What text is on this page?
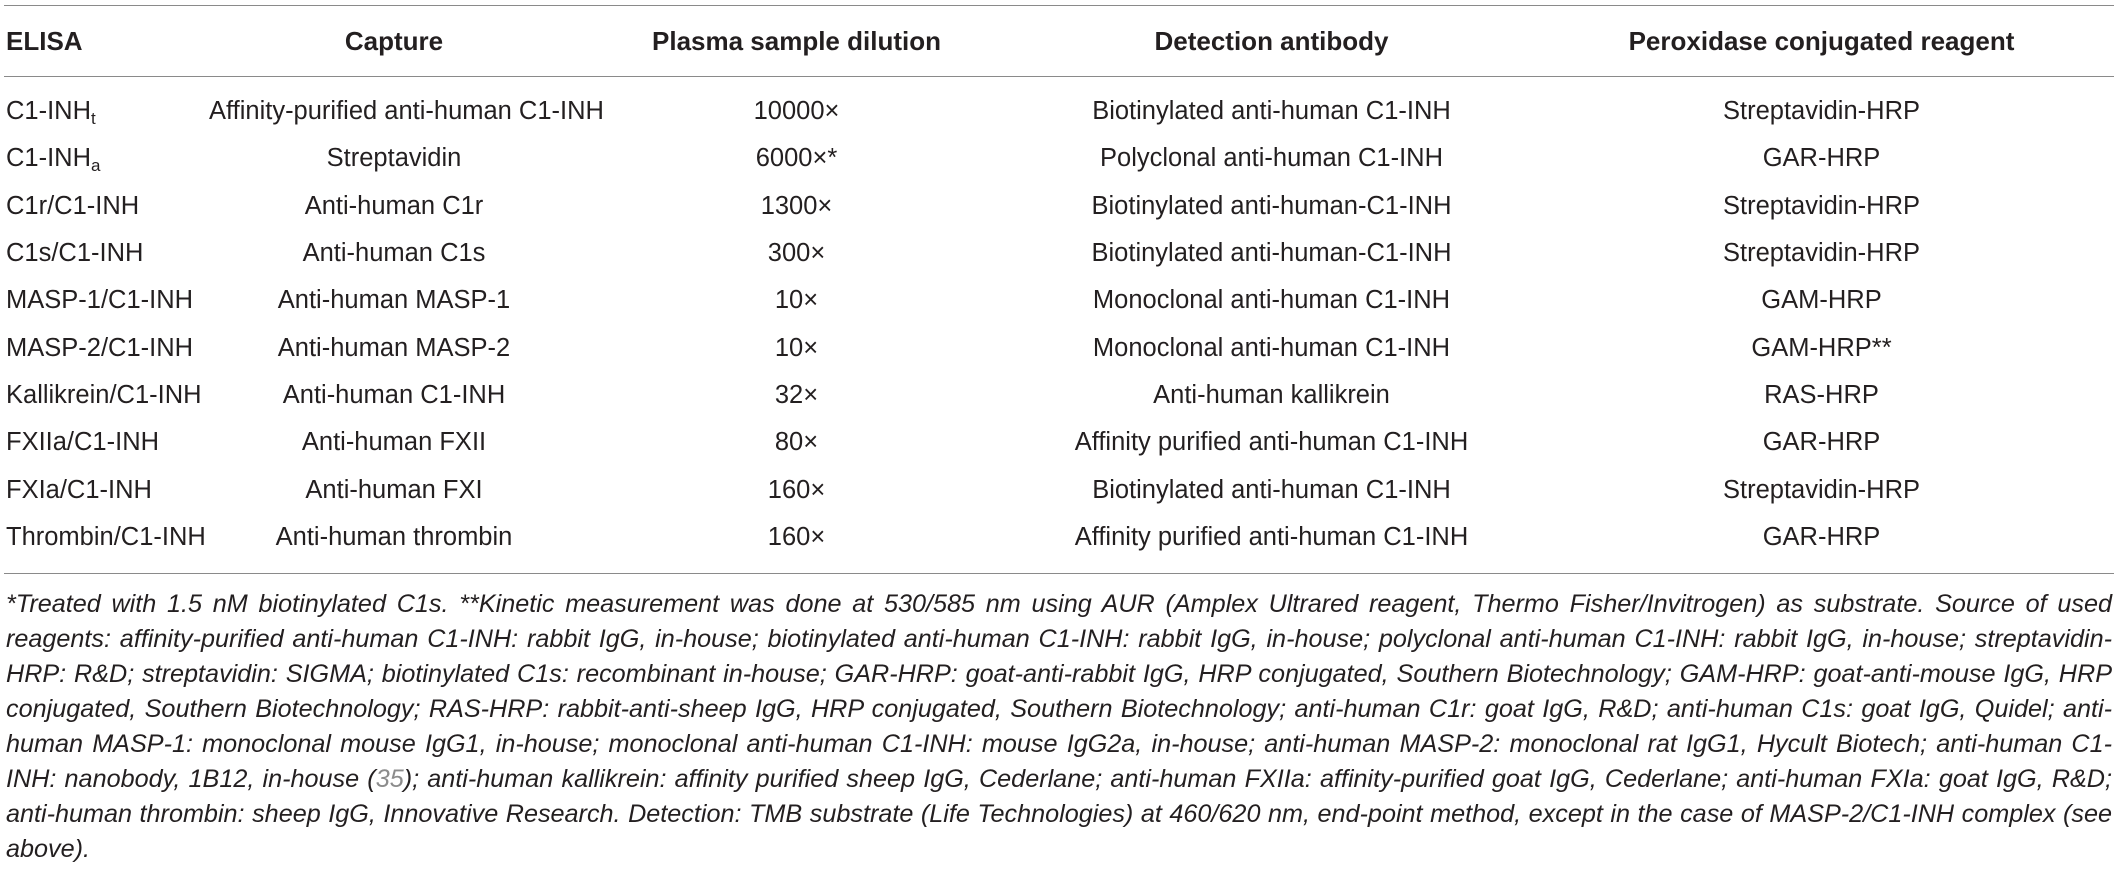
ELISA	Capture	Plasma sample dilution	Detection antibody	Peroxidase conjugated reagent
$C1-INH_t$	Affinity-purified anti-human C1-INH	10000×	Biotinylated anti-human C1-INH	Streptavidin-HRP
$C1-INH_a$	Streptavidin	6000×*	Polyclonal anti-human C1-INH	GAR-HRP
C1r/C1-INH	Anti-human C1r	1300×	Biotinylated anti-human-C1-INH	Streptavidin-HRP
C1s/C1-INH	Anti-human C1s	300×	Biotinylated anti-human-C1-INH	Streptavidin-HRP
MASP-1/C1-INH	Anti-human MASP-1	10×	Monoclonal anti-human C1-INH	GAM-HRP
MASP-2/C1-INH	Anti-human MASP-2	10×	Monoclonal anti-human C1-INH	GAM-HRP**
Kallikrein/C1-INH	Anti-human C1-INH	32×	Anti-human kallikrein	RAS-HRP
FXIIa/C1-INH	Anti-human FXII	80×	Affinity purified anti-human C1-INH	GAR-HRP
FXIa/C1-INH	Anti-human FXI	160×	Biotinylated anti-human C1-INH	Streptavidin-HRP
Thrombin/C1-INH	Anti-human thrombin	160×	Affinity purified anti-human C1-INH	GAR-HRP

*Treated with 1.5 nM biotinylated C1s. **Kinetic measurement was done at 530/585 nm using AUR (Amplex Ultrared reagent, Thermo Fisher/Invitrogen) as substrate. Source of used reagents: affinity-purified anti-human C1-INH: rabbit IgG, in-house; biotinylated anti-human C1-INH: rabbit IgG, in-house; polyclonal anti-human C1-INH: rabbit IgG, in-house; streptavidin-HRP: R&D; streptavidin: SIGMA; biotinylated C1s: recombinant in-house; GAR-HRP: goat-anti-rabbit IgG, HRP conjugated, Southern Biotechnology; GAM-HRP: goat-anti-mouse IgG, HRP conjugated, Southern Biotechnology; RAS-HRP: rabbit-anti-sheep IgG, HRP conjugated, Southern Biotechnology; anti-human C1r: goat IgG, R&D; anti-human C1s: goat IgG, Quidel; anti-human MASP-1: monoclonal mouse IgG1, in-house; monoclonal anti-human C1-INH: mouse IgG2a, in-house; anti-human MASP-2: monoclonal rat IgG1, Hycult Biotech; anti-human C1-INH: nanobody, 1B12, in-house (35); anti-human kallikrein: affinity purified sheep IgG, Cederlane; anti-human FXIIa: affinity-purified goat IgG, Cederlane; anti-human FXIa: goat IgG, R&D; anti-human thrombin: sheep IgG, Innovative Research. Detection: TMB substrate (Life Technologies) at 460/620 nm, end-point method, except in the case of MASP-2/C1-INH complex (see above).
